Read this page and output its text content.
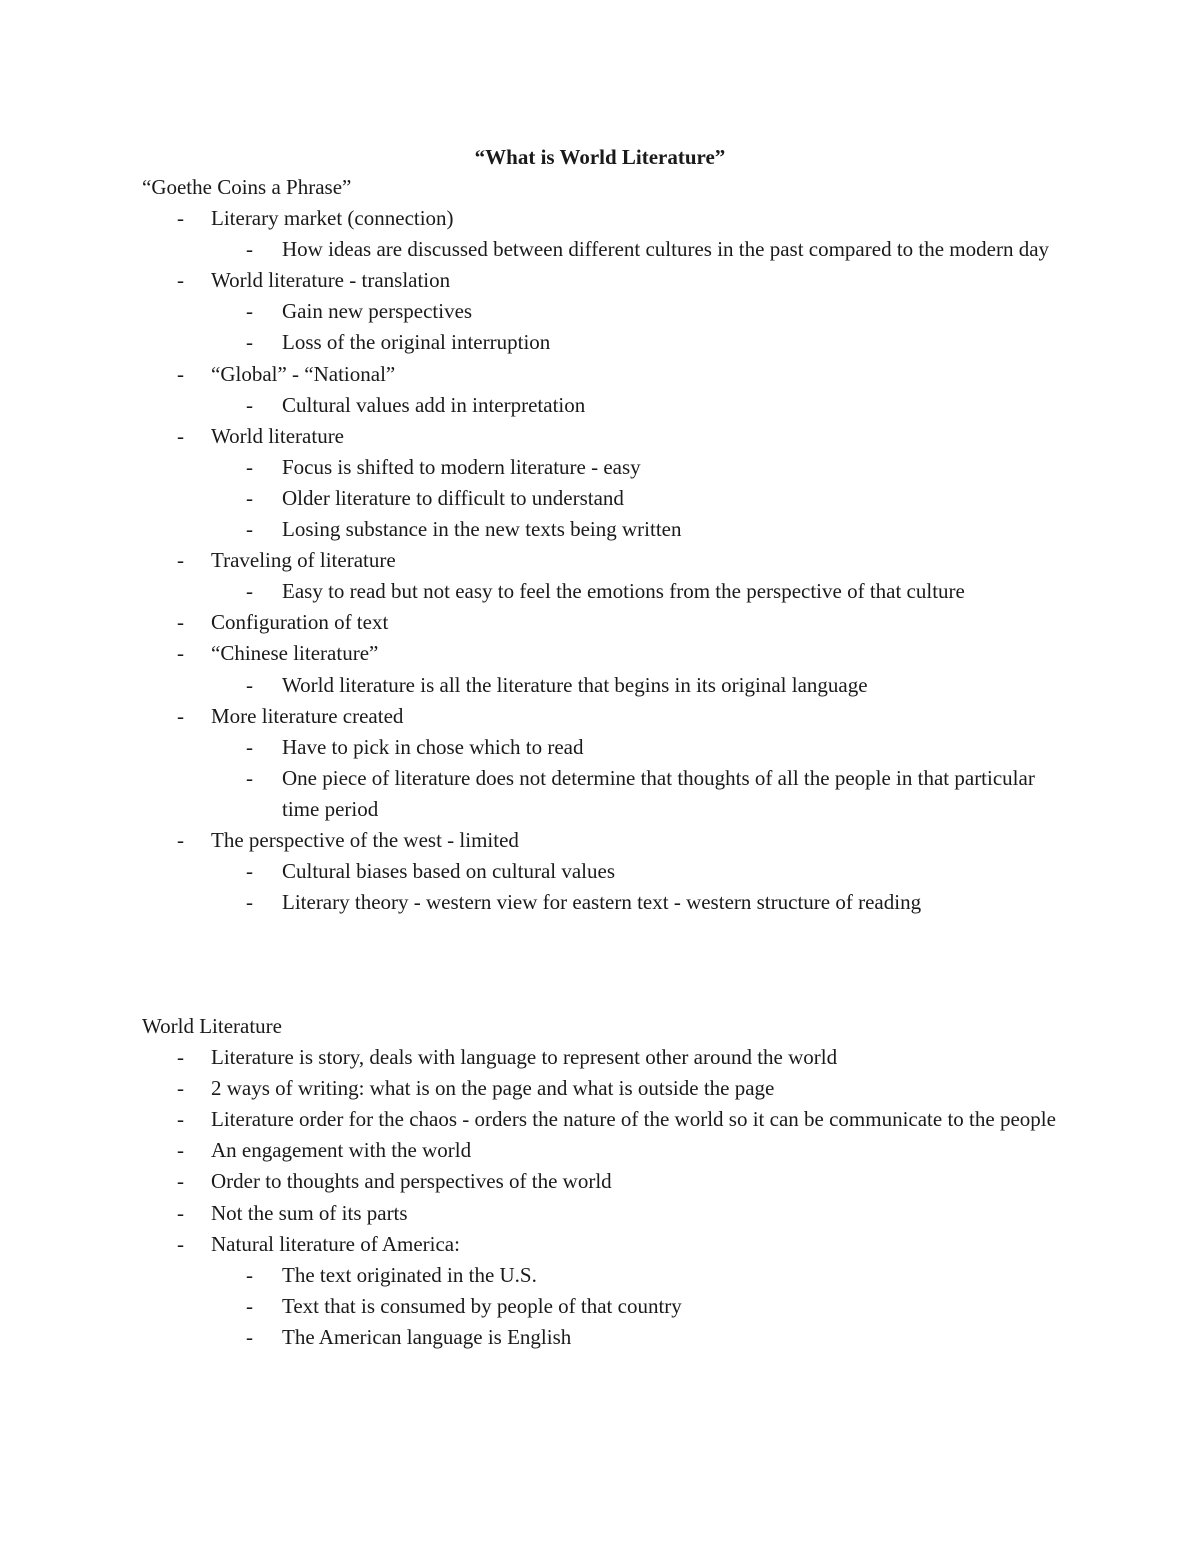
“What is World Literature”

“Goethe Coins a Phrase”

-	Literary market (connection)
-	How ideas are discussed between different cultures in the past compared to the modern day
-	World literature - translation
-	Gain new perspectives
-	Loss of the original interruption
-	“Global” - “National”
-	Cultural values add in interpretation
-	World literature
-	Focus is shifted to modern literature - easy
-	Older literature to difficult to understand
-	Losing substance in the new texts being written
-	Traveling of literature
-	Easy to read but not easy to feel the emotions from the perspective of that culture
-	Configuration of text
-	“Chinese literature”
-	World literature is all the literature that begins in its original language
-	More literature created
-	Have to pick in chose which to read
-	One piece of literature does not determine that thoughts of all the people in that particular time period
-	The perspective of the west - limited
-	Cultural biases based on cultural values
-	Literary theory - western view for eastern text - western structure of reading

World Literature

-	Literature is story, deals with language to represent other around the world
-	2 ways of writing: what is on the page and what is outside the page
-	Literature order for the chaos - orders the nature of the world so it can be communicate to the people
-	An engagement with the world
-	Order to thoughts and perspectives of the world
-	Not the sum of its parts
-	Natural literature of America:
-	The text originated in the U.S.
-	Text that is consumed by people of that country
-	The American language is English
